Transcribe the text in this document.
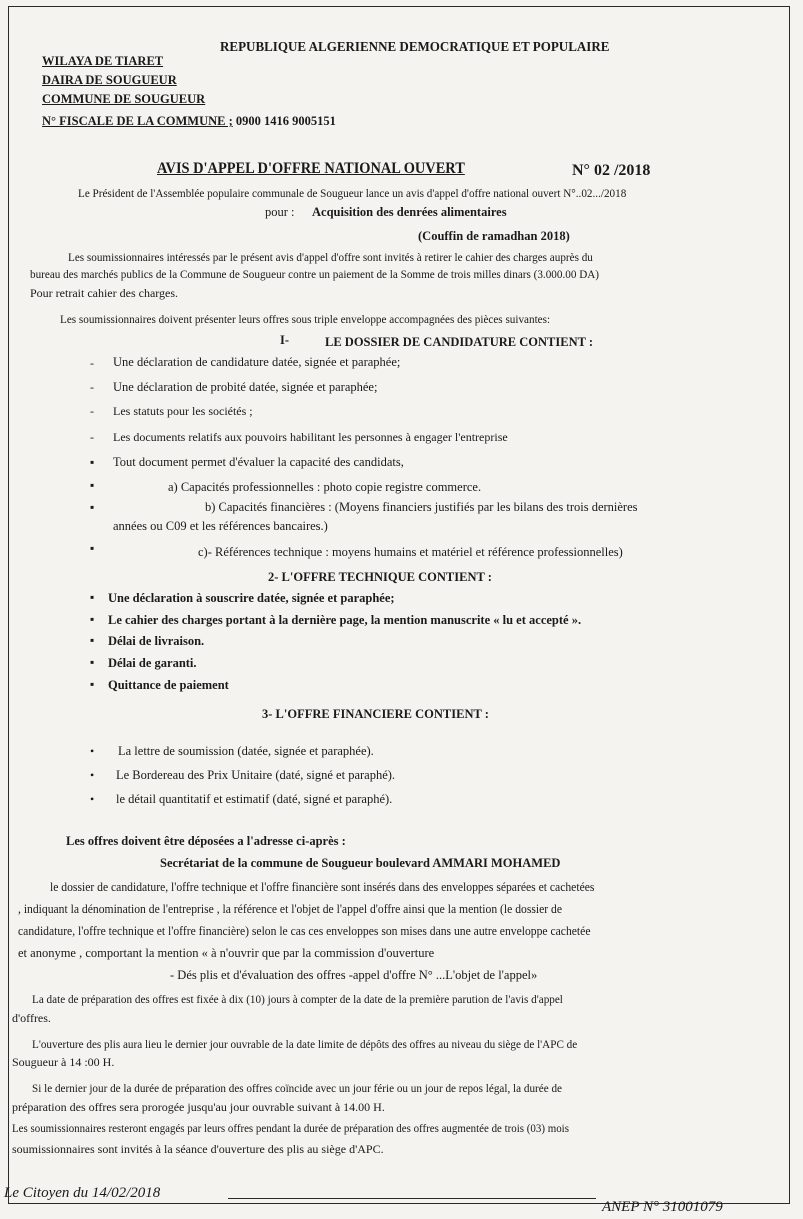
REPUBLIQUE ALGERIENNE DEMOCRATIQUE ET POPULAIRE
WILAYA DE TIARET
DAIRA DE SOUGUEUR
COMMUNE DE SOUGUEUR
N° FISCALE DE LA COMMUNE ; 0900 1416 9005151
AVIS D'APPEL D'OFFRE NATIONAL OUVERT	N° 02 /2018
Le Président de l'Assemblée populaire communale de Sougueur lance un avis d'appel d'offre national ouvert N°..02.../2018
pour : Acquisition des denrées alimentaires
(Couffin de ramadhan 2018)
Les soumissionnaires intéressés par le présent avis d'appel d'offre sont invités à retirer le cahier des charges auprès du
bureau des marchés publics de la Commune de Sougueur contre un paiement de la Somme de trois milles dinars (3.000.00 DA)
Pour retrait cahier des charges.
Les soumissionnaires doivent présenter leurs offres sous triple enveloppe accompagnées des pièces suivantes:
I-	LE DOSSIER DE CANDIDATURE CONTIENT :
- Une déclaration de candidature datée, signée et paraphée;
- Une déclaration de probité datée, signée et paraphée;
- Les statuts pour les sociétés ;
- Les documents relatifs aux pouvoirs habilitant les personnes à engager l'entreprise
▪ Tout document permet d'évaluer la capacité des candidats,
▪	a) Capacités professionnelles : photo copie registre commerce.
▪	b) Capacités financières : (Moyens financiers justifiés par les bilans des trois dernières
années ou C09 et les références bancaires.)
▪	c)- Références technique : moyens humains et matériel et référence professionnelles)
2- L'OFFRE TECHNIQUE CONTIENT :
▪ Une déclaration à souscrire datée, signée et paraphée;
▪ Le cahier des charges portant à la dernière page, la mention manuscrite « lu et accepté ».
▪ Délai de livraison.
▪ Délai de garanti.
▪ Quittance de paiement
3- L'OFFRE FINANCIERE CONTIENT :
• La lettre de soumission (datée, signée et paraphée).
• Le Bordereau des Prix Unitaire (daté, signé et paraphé).
• le détail quantitatif et estimatif (daté, signé et paraphé).
Les offres doivent être déposées a l'adresse ci-après :
Secrétariat de la commune de Sougueur boulevard AMMARI MOHAMED
le dossier de candidature, l'offre technique et l'offre financière sont insérés dans des enveloppes séparées et cachetées
, indiquant la dénomination de l'entreprise , la référence et l'objet de l'appel d'offre ainsi que la mention (le dossier de
candidature, l'offre technique et l'offre financière) selon le cas ces enveloppes son mises dans une autre enveloppe cachetée
et anonyme , comportant la mention « à n'ouvrir que par la commission d'ouverture
- Dés plis et d'évaluation des offres -appel d'offre N° ...L'objet de l'appel»
La date de préparation des offres est fixée à dix (10) jours à compter de la date de la première parution de l'avis d'appel
d'offres.
L'ouverture des plis aura lieu le dernier jour ouvrable de la date limite de dépôts des offres au niveau du siège de l'APC de
Sougueur à 14 :00 H.
Si le dernier jour de la durée de préparation des offres coïncide avec un jour férie ou un jour de repos légal, la durée de
préparation des offres sera prorogée jusqu'au jour ouvrable suivant à 14.00 H.
Les soumissionnaires resteront engagés par leurs offres pendant la durée de préparation des offres augmentée de trois (03) mois
soumissionnaires sont invités à la séance d'ouverture des plis au siège d'APC.
Le Citoyen du 14/02/2018
ANEP N° 31001079
